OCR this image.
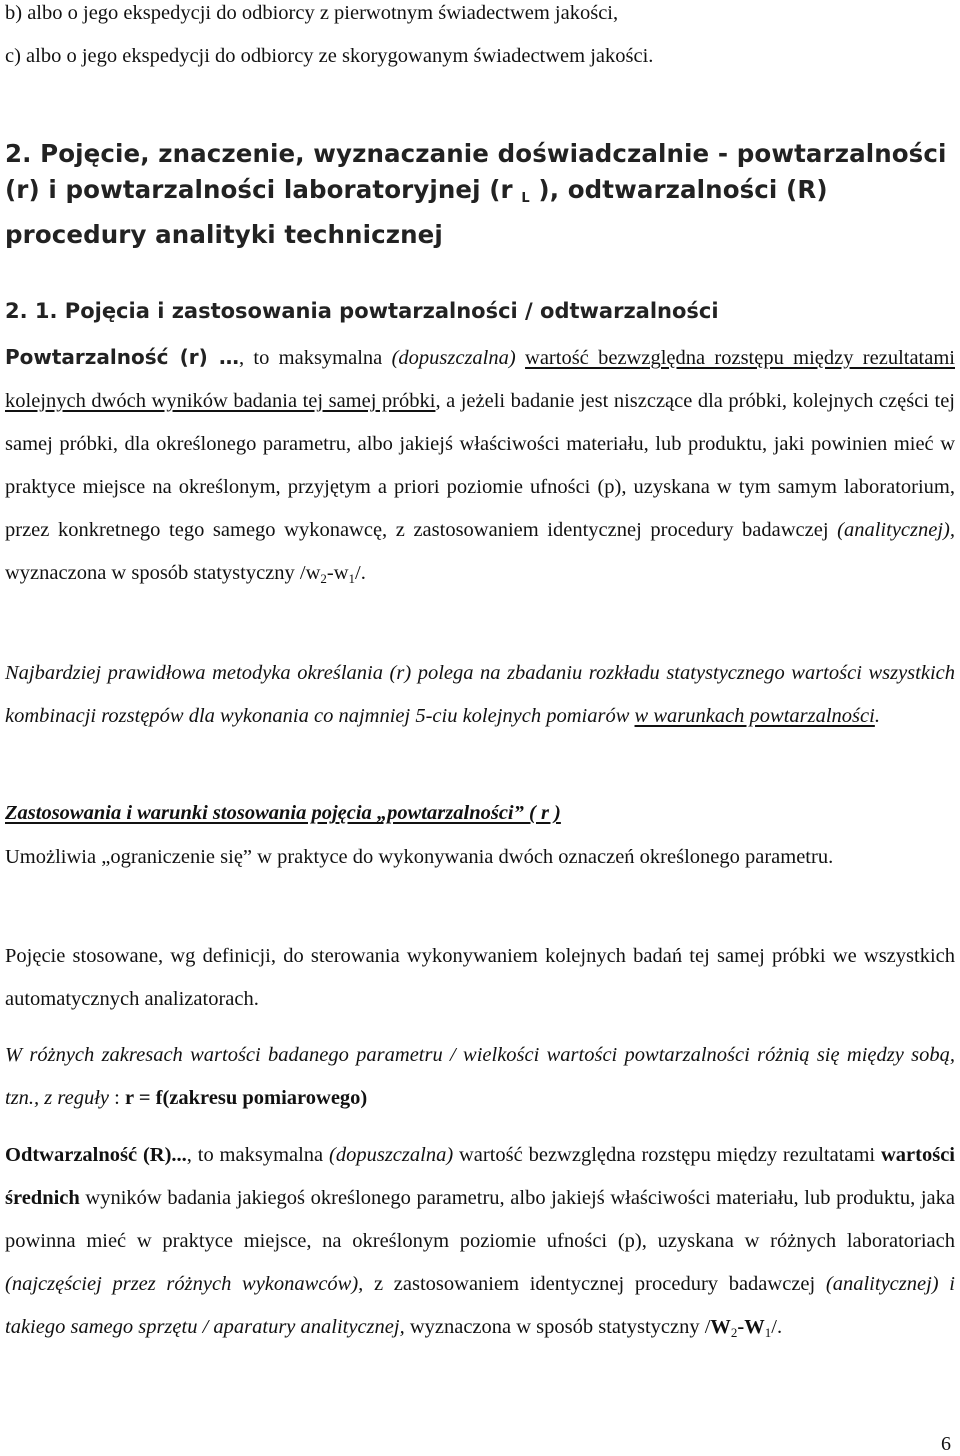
b) albo o jego ekspedycji do odbiorcy z pierwotnym świadectwem jakości,

c) albo o jego ekspedycji do odbiorcy ze skorygowanym świadectwem jakości.

2. Pojęcie, znaczenie, wyznaczanie doświadczalnie - powtarzalności (r) i powtarzalności laboratoryjnej (r L ), odtwarzalności (R) procedury analityki technicznej

2. 1. Pojęcia i zastosowania powtarzalności / odtwarzalności

Powtarzalność (r) …, to maksymalna (dopuszczalna) wartość bezwzględna rozstępu między rezultatami kolejnych dwóch wyników badania tej samej próbki, a jeżeli badanie jest niszczące dla próbki, kolejnych części tej samej próbki, dla określonego parametru, albo jakiejś właściwości materiału, lub produktu, jaki powinien mieć w praktyce miejsce na określonym, przyjętym a priori poziomie ufności (p), uzyskana w tym samym laboratorium, przez konkretnego tego samego wykonawcę, z zastosowaniem identycznej procedury badawczej (analitycznej), wyznaczona w sposób statystyczny $/w_2-w_1/$.

Najbardziej prawidłowa metodyka określania (r) polega na zbadaniu rozkładu statystycznego wartości wszystkich kombinacji rozstępów dla wykonania co najmniej 5-ciu kolejnych pomiarów w warunkach powtarzalności.

Zastosowania i warunki stosowania pojęcia „powtarzalności” ( r )

Umożliwia „ograniczenie się” w praktyce do wykonywania dwóch oznaczeń określonego parametru.

Pojęcie stosowane, wg definicji, do sterowania wykonywaniem kolejnych badań tej samej próbki we wszystkich automatycznych analizatorach.

W różnych zakresach wartości badanego parametru / wielkości wartości powtarzalności różnią się między sobą, tzn., z reguły : r = f(zakresu pomiarowego)

Odtwarzalność (R)..., to maksymalna (dopuszczalna) wartość bezwzględna rozstępu między rezultatami wartości średnich wyników badania jakiegoś określonego parametru, albo jakiejś właściwości materiału, lub produktu, jaka powinna mieć w praktyce miejsce, na określonym poziomie ufności (p), uzyskana w różnych laboratoriach (najczęściej przez różnych wykonawców), z zastosowaniem identycznej procedury badawczej (analitycznej) i takiego samego sprzętu / aparatury analitycznej, wyznaczona w sposób statystyczny $/W_2-W_1/$.

6
